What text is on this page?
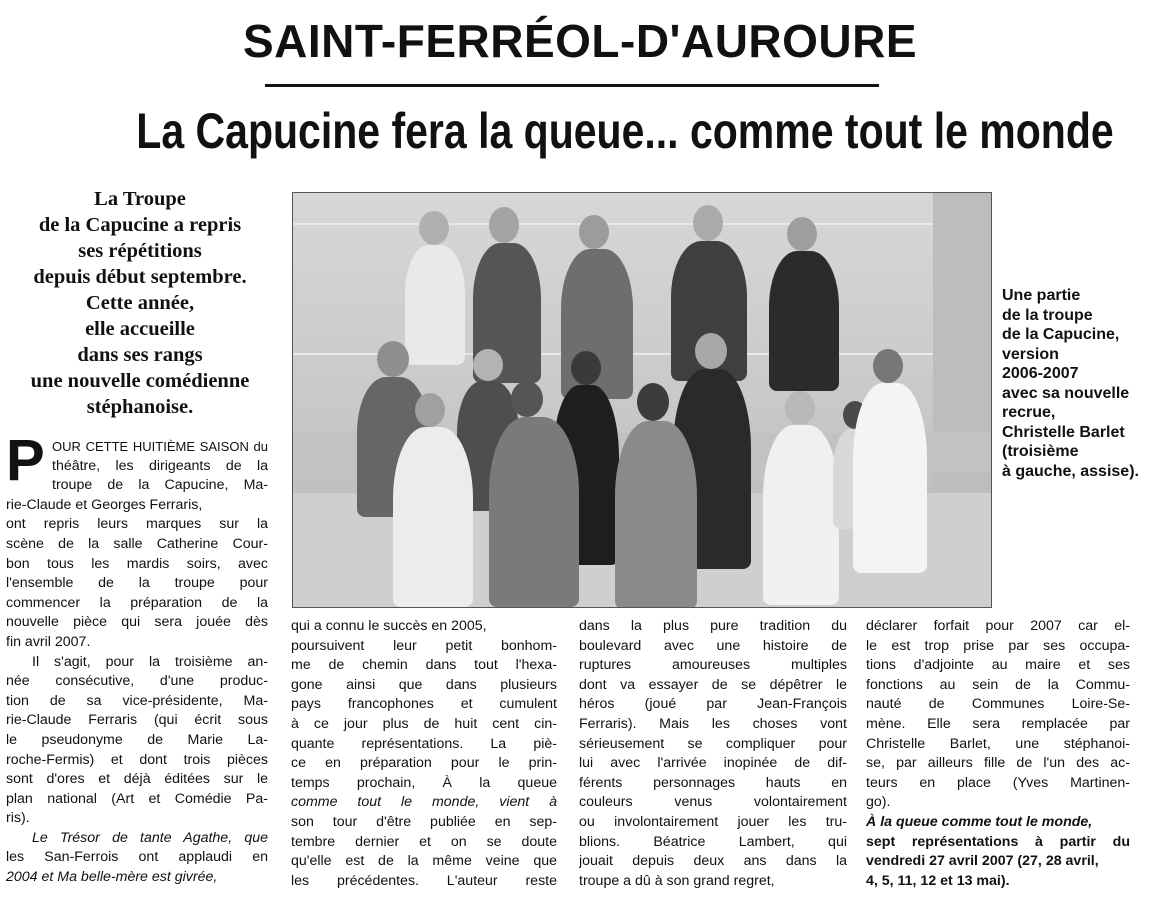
SAINT-FERRÉOL-D'AUROURE
La Capucine fera la queue... comme tout le monde
La Troupe
de la Capucine a repris
ses répétitions
depuis début septembre.
Cette année,
elle accueille
dans ses rangs
une nouvelle comédienne
stéphanoise.
Une partie
de la troupe
de la Capucine,
version
2006-2007
avec sa nouvelle
recrue,
Christelle Barlet
(troisième
à gauche, assise).
P OUR CETTE HUITIÈME SAISON du
théâtre, les dirigeants de la
troupe de la Capucine, Ma-
rie-Claude et Georges Ferraris,
ont repris leurs marques sur la
scène de la salle Catherine Cour-
bon tous les mardis soirs, avec
l'ensemble de la troupe pour
commencer la préparation de la
nouvelle pièce qui sera jouée dès
fin avril 2007.
Il s'agit, pour la troisième an-
née consécutive, d'une produc-
tion de sa vice-présidente, Ma-
rie-Claude Ferraris (qui écrit sous
le pseudonyme de Marie La-
roche-Fermis) et dont trois pièces
sont d'ores et déjà éditées sur le
plan national (Art et Comédie Pa-
ris).
Le Trésor de tante Agathe, que
les San-Ferrois ont applaudi en
2004 et Ma belle-mère est givrée,
qui a connu le succès en 2005,
poursuivent leur petit bonhom-
me de chemin dans tout l'hexa-
gone ainsi que dans plusieurs
pays francophones et cumulent
à ce jour plus de huit cent cin-
quante représentations. La piè-
ce en préparation pour le prin-
temps prochain, À la queue
comme tout le monde, vient à
son tour d'être publiée en sep-
tembre dernier et on se doute
qu'elle est de la même veine que
les précédentes. L'auteur reste
dans la plus pure tradition du
boulevard avec une histoire de
ruptures amoureuses multiples
dont va essayer de se dépêtrer le
héros (joué par Jean-François
Ferraris). Mais les choses vont
sérieusement se compliquer pour
lui avec l'arrivée inopinée de dif-
férents personnages hauts en
couleurs venus volontairement
ou involontairement jouer les tru-
blions. Béatrice Lambert, qui
jouait depuis deux ans dans la
troupe a dû à son grand regret,
déclarer forfait pour 2007 car el-
le est trop prise par ses occupa-
tions d'adjointe au maire et ses
fonctions au sein de la Commu-
nauté de Communes Loire-Se-
mène. Elle sera remplacée par
Christelle Barlet, une stéphanoi-
se, par ailleurs fille de l'un des ac-
teurs en place (Yves Martinen-
go).
À la queue comme tout le monde,
sept représentations à partir du
vendredi 27 avril 2007 (27, 28 avril,
4, 5, 11, 12 et 13 mai).
